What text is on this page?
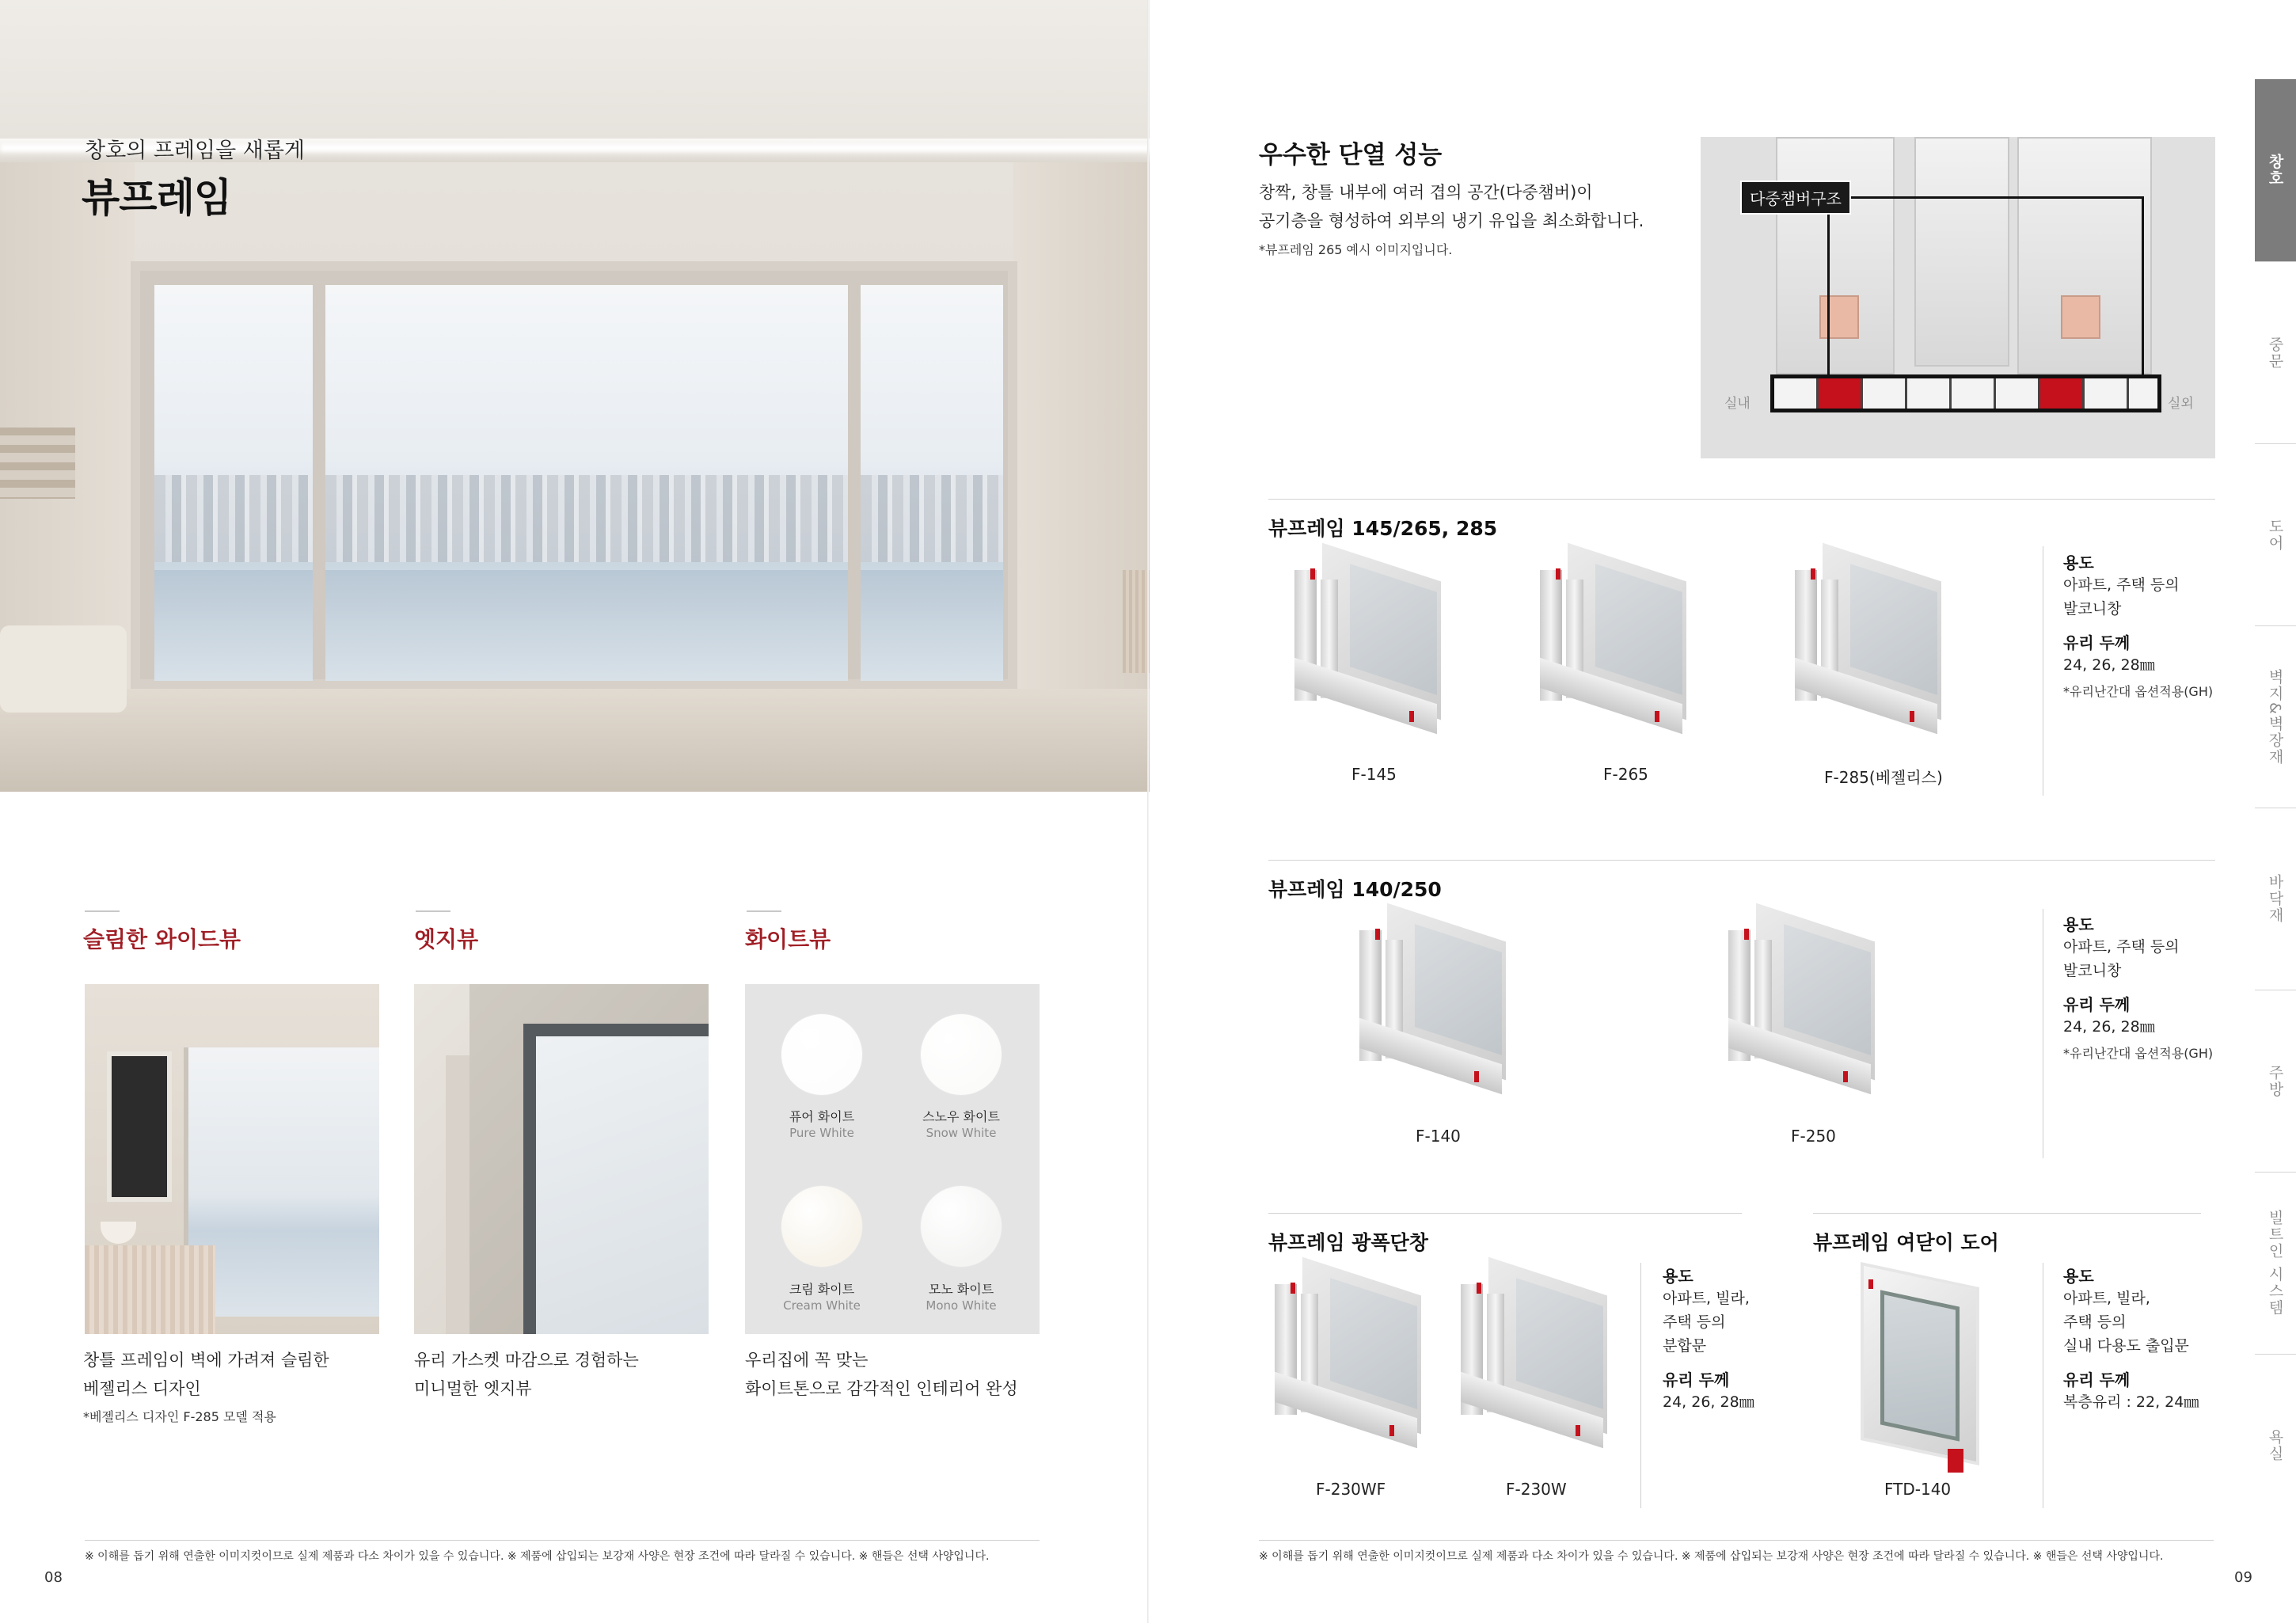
창호의 프레임을 새롭게
뷰프레임
슬림한 와이드뷰
창틀 프레임이 벽에 가려져 슬림한
베젤리스 디자인
*베젤리스 디자인 F-285 모델 적용
엣지뷰
유리 가스켓 마감으로 경험하는
미니멀한 엣지뷰
화이트뷰
퓨어 화이트
Pure White
스노우 화이트
Snow White
크림 화이트
Cream White
모노 화이트
Mono White
우리집에 꼭 맞는
화이트톤으로 감각적인 인테리어 완성
※ 이해를 돕기 위해 연출한 이미지컷이므로 실제 제품과 다소 차이가 있을 수 있습니다. ※ 제품에 삽입되는 보강재 사양은 현장 조건에 따라 달라질 수 있습니다. ※ 핸들은 선택 사양입니다.
08
우수한 단열 성능
창짝, 창틀 내부에 여러 겹의 공간(다중챔버)이
공기층을 형성하여 외부의 냉기 유입을 최소화합니다.
*뷰프레임 265 예시 이미지입니다.
다중챔버구조
실내	실외
뷰프레임 145/265, 285
F-145	F-265	F-285(베젤리스)
용도
아파트, 주택 등의
발코니창
유리 두께
24, 26, 28㎜
*유리난간대 옵션적용(GH)
뷰프레임 140/250
F-140	F-250
용도
아파트, 주택 등의
발코니창
유리 두께
24, 26, 28㎜
*유리난간대 옵션적용(GH)
뷰프레임 광폭단창
F-230WF	F-230W
용도
아파트, 빌라,
주택 등의
분합문
유리 두께
24, 26, 28㎜
뷰프레임 여닫이 도어
FTD-140
용도
아파트, 빌라,
주택 등의
실내 다용도 출입문
유리 두께
복층유리 : 22, 24㎜
창호
중문
도어
벽지&벽장재
바닥재
주방
빌트인 시스템
욕실
※ 이해를 돕기 위해 연출한 이미지컷이므로 실제 제품과 다소 차이가 있을 수 있습니다. ※ 제품에 삽입되는 보강재 사양은 현장 조건에 따라 달라질 수 있습니다. ※ 핸들은 선택 사양입니다.
09
